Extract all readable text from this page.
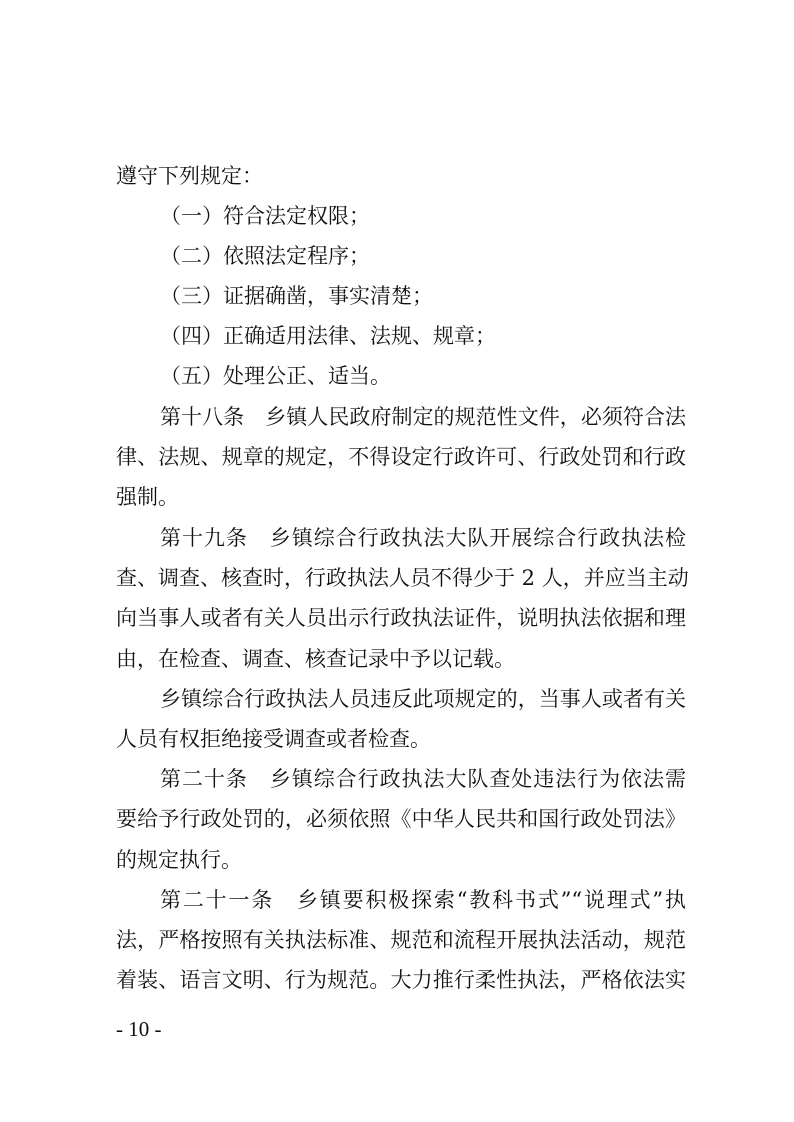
遵守下列规定：
（一）符合法定权限；
（二）依照法定程序；
（三）证据确凿，事实清楚；
（四）正确适用法律、法规、规章；
（五）处理公正、适当。
第十八条　乡镇人民政府制定的规范性文件，必须符合法
律、法规、规章的规定，不得设定行政许可、行政处罚和行政
强制。
第十九条　乡镇综合行政执法大队开展综合行政执法检
查、调查、核查时，行政执法人员不得少于 2 人，并应当主动
向当事人或者有关人员出示行政执法证件，说明执法依据和理
由，在检查、调查、核查记录中予以记载。
乡镇综合行政执法人员违反此项规定的，当事人或者有关
人员有权拒绝接受调查或者检查。
第二十条　乡镇综合行政执法大队查处违法行为依法需
要给予行政处罚的，必须依照《中华人民共和国行政处罚法》
的规定执行。
第二十一条　乡镇要积极探索“教科书式”“说理式”执
法，严格按照有关执法标准、规范和流程开展执法活动，规范
着装、语言文明、行为规范。大力推行柔性执法，严格依法实
- 10 -
